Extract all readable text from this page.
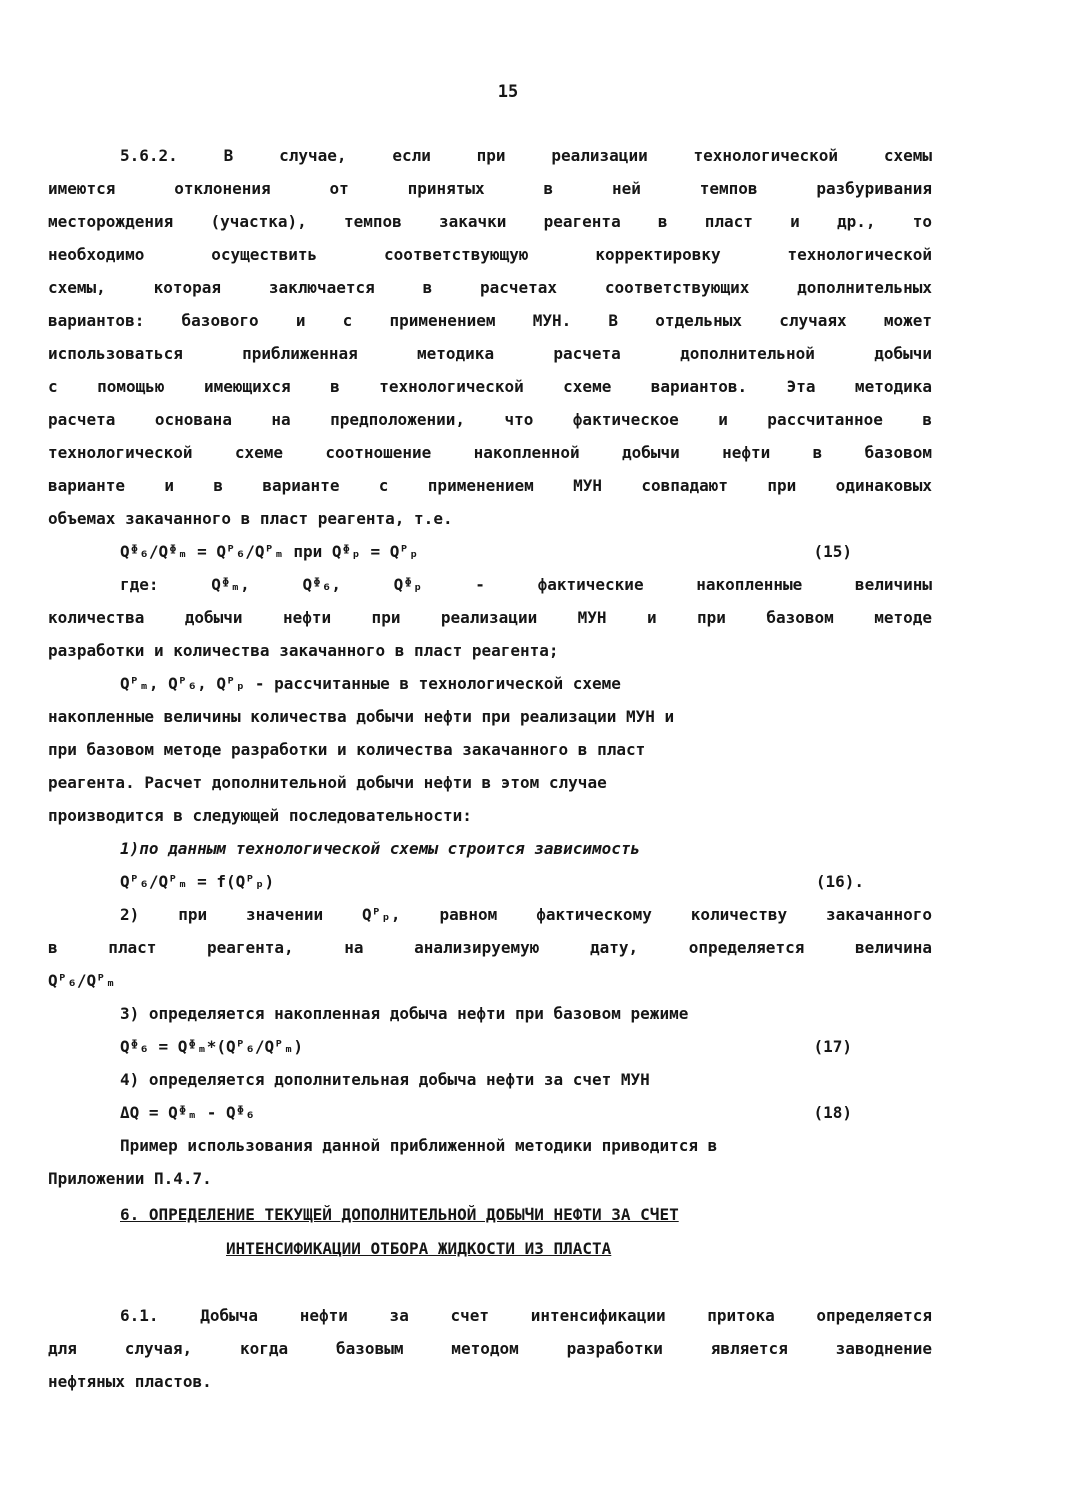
15
5.6.2. В случае, если при реализации технологической схемы
имеются отклонения от принятых в ней темпов разбуривания
месторождения (участка), темпов закачки реагента в пласт и др., то
необходимо осуществить соответствующую корректировку технологической
схемы, которая заключается в расчетах соответствующих дополнительных
вариантов: базового и с применением МУН. В отдельных случаях может
использоваться приближенная методика расчета дополнительной добычи
с помощью имеющихся в технологической схеме вариантов. Эта методика
расчета основана на предположении, что фактическое и рассчитанное в
технологической схеме соотношение накопленной добычи нефти в базовом
варианте и в варианте с применением МУН совпадают при одинаковых
объемах закачанного в пласт реагента, т.е.
Qᶲ₆/Qᶲₘ = Qᴾ₆/Qᴾₘ при Qᶲₚ = Qᴾₚ	(15)
где: Qᶲₘ, Qᶲ₆, Qᶲₚ - фактические накопленные величины
количества добычи нефти при реализации МУН и при базовом методе
разработки и количества закачанного в пласт реагента;
Qᴾₘ, Qᴾ₆, Qᴾₚ - рассчитанные в технологической схеме
накопленные величины количества добычи нефти при реализации МУН и
при базовом методе разработки и количества закачанного в пласт
реагента. Расчет дополнительной добычи нефти в этом случае
производится в следующей последовательности:
1)по данным технологической схемы строится зависимость
Qᴾ₆/Qᴾₘ = f(Qᴾₚ)	(16).
2) при значении Qᴾₚ, равном фактическому количеству закачанного
в пласт реагента, на анализируемую дату, определяется величина
Qᴾ₆/Qᴾₘ
3) определяется накопленная добыча нефти при базовом режиме
Qᶲ₆ = Qᶲₘ*(Qᴾ₆/Qᴾₘ)	(17)
4) определяется дополнительная добыча нефти за счет МУН
ΔQ = Qᶲₘ - Qᶲ₆	(18)
Пример использования данной приближенной методики приводится в
Приложении П.4.7.
6. ОПРЕДЕЛЕНИЕ ТЕКУЩЕЙ ДОПОЛНИТЕЛЬНОЙ ДОБЫЧИ НЕФТИ ЗА СЧЕТ
ИНТЕНСИФИКАЦИИ ОТБОРА ЖИДКОСТИ ИЗ ПЛАСТА
6.1. Добыча нефти за счет интенсификации притока определяется
для случая, когда базовым методом разработки является заводнение
нефтяных пластов.
